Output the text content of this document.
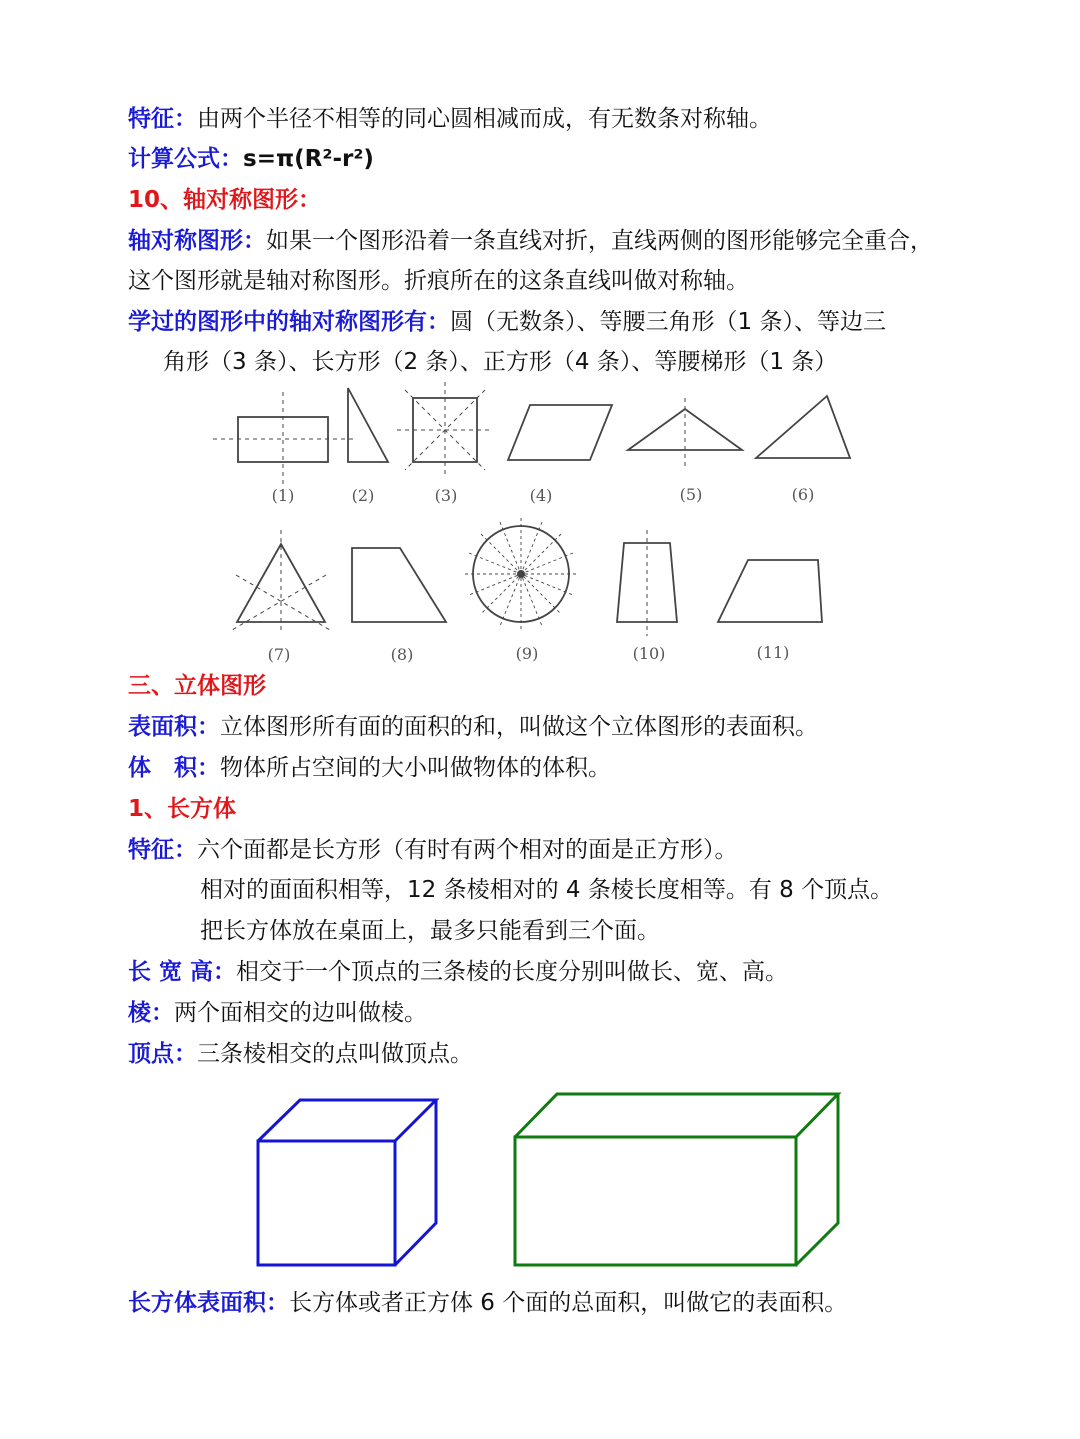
特征：由两个半径不相等的同心圆相减而成，有无数条对称轴。
计算公式：s=π(R²-r²)
10、轴对称图形：
轴对称图形：如果一个图形沿着一条直线对折，直线两侧的图形能够完全重合，
这个图形就是轴对称图形。折痕所在的这条直线叫做对称轴。
学过的图形中的轴对称图形有：圆（无数条）、等腰三角形（1 条）、等边三
角形（3 条）、长方形（2 条）、正方形（4 条）、等腰梯形（1 条）
(1)	(2)	(3)	(4)	(5)	(6)
(7)	(8)	(9)	(10)	(11)
三、立体图形
表面积：立体图形所有面的面积的和，叫做这个立体图形的表面积。
体　积：物体所占空间的大小叫做物体的体积。
1、长方体
特征：六个面都是长方形（有时有两个相对的面是正方形）。
相对的面面积相等，12 条棱相对的 4 条棱长度相等。有 8 个顶点。
把长方体放在桌面上，最多只能看到三个面。
长 宽 高：相交于一个顶点的三条棱的长度分别叫做长、宽、高。
棱：两个面相交的边叫做棱。
顶点：三条棱相交的点叫做顶点。
长方体表面积：长方体或者正方体 6 个面的总面积，叫做它的表面积。
